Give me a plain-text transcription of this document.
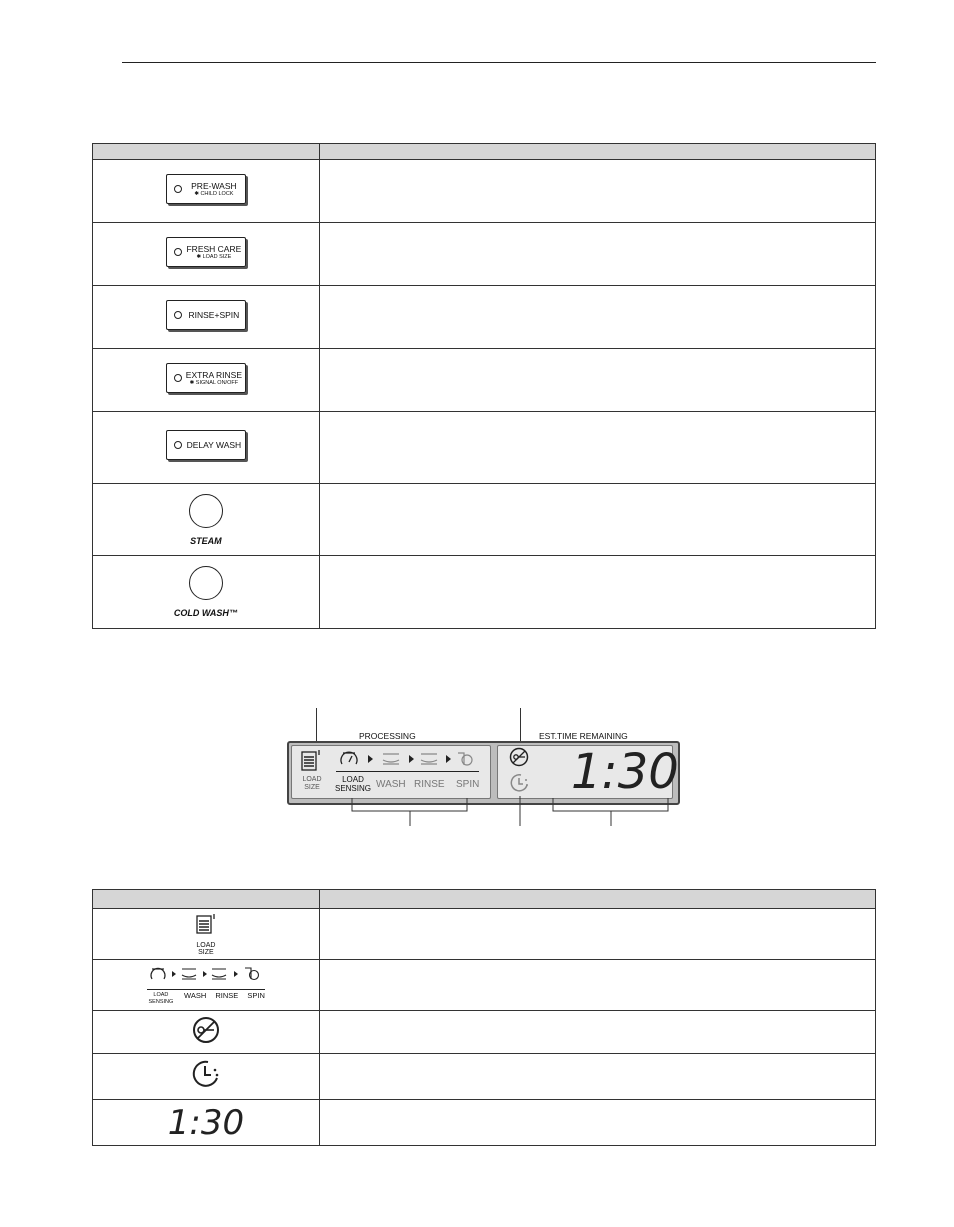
PRE-WASH
✱ CHILD LOCK	

FRESH CARE
✱ LOAD SIZE	

RINSE+SPIN	

EXTRA RINSE
✱ SIGNAL ON/OFF	

DELAY WASH	

STEAM	

COLD WASH™	

PROCESSING	EST.TIME REMAINING
LOAD SIZE
LOAD SENSING WASH RINSE SPIN 1:30

LOAD SIZE	

LOAD SENSING
WASH RINSE SPIN	

1:30	
